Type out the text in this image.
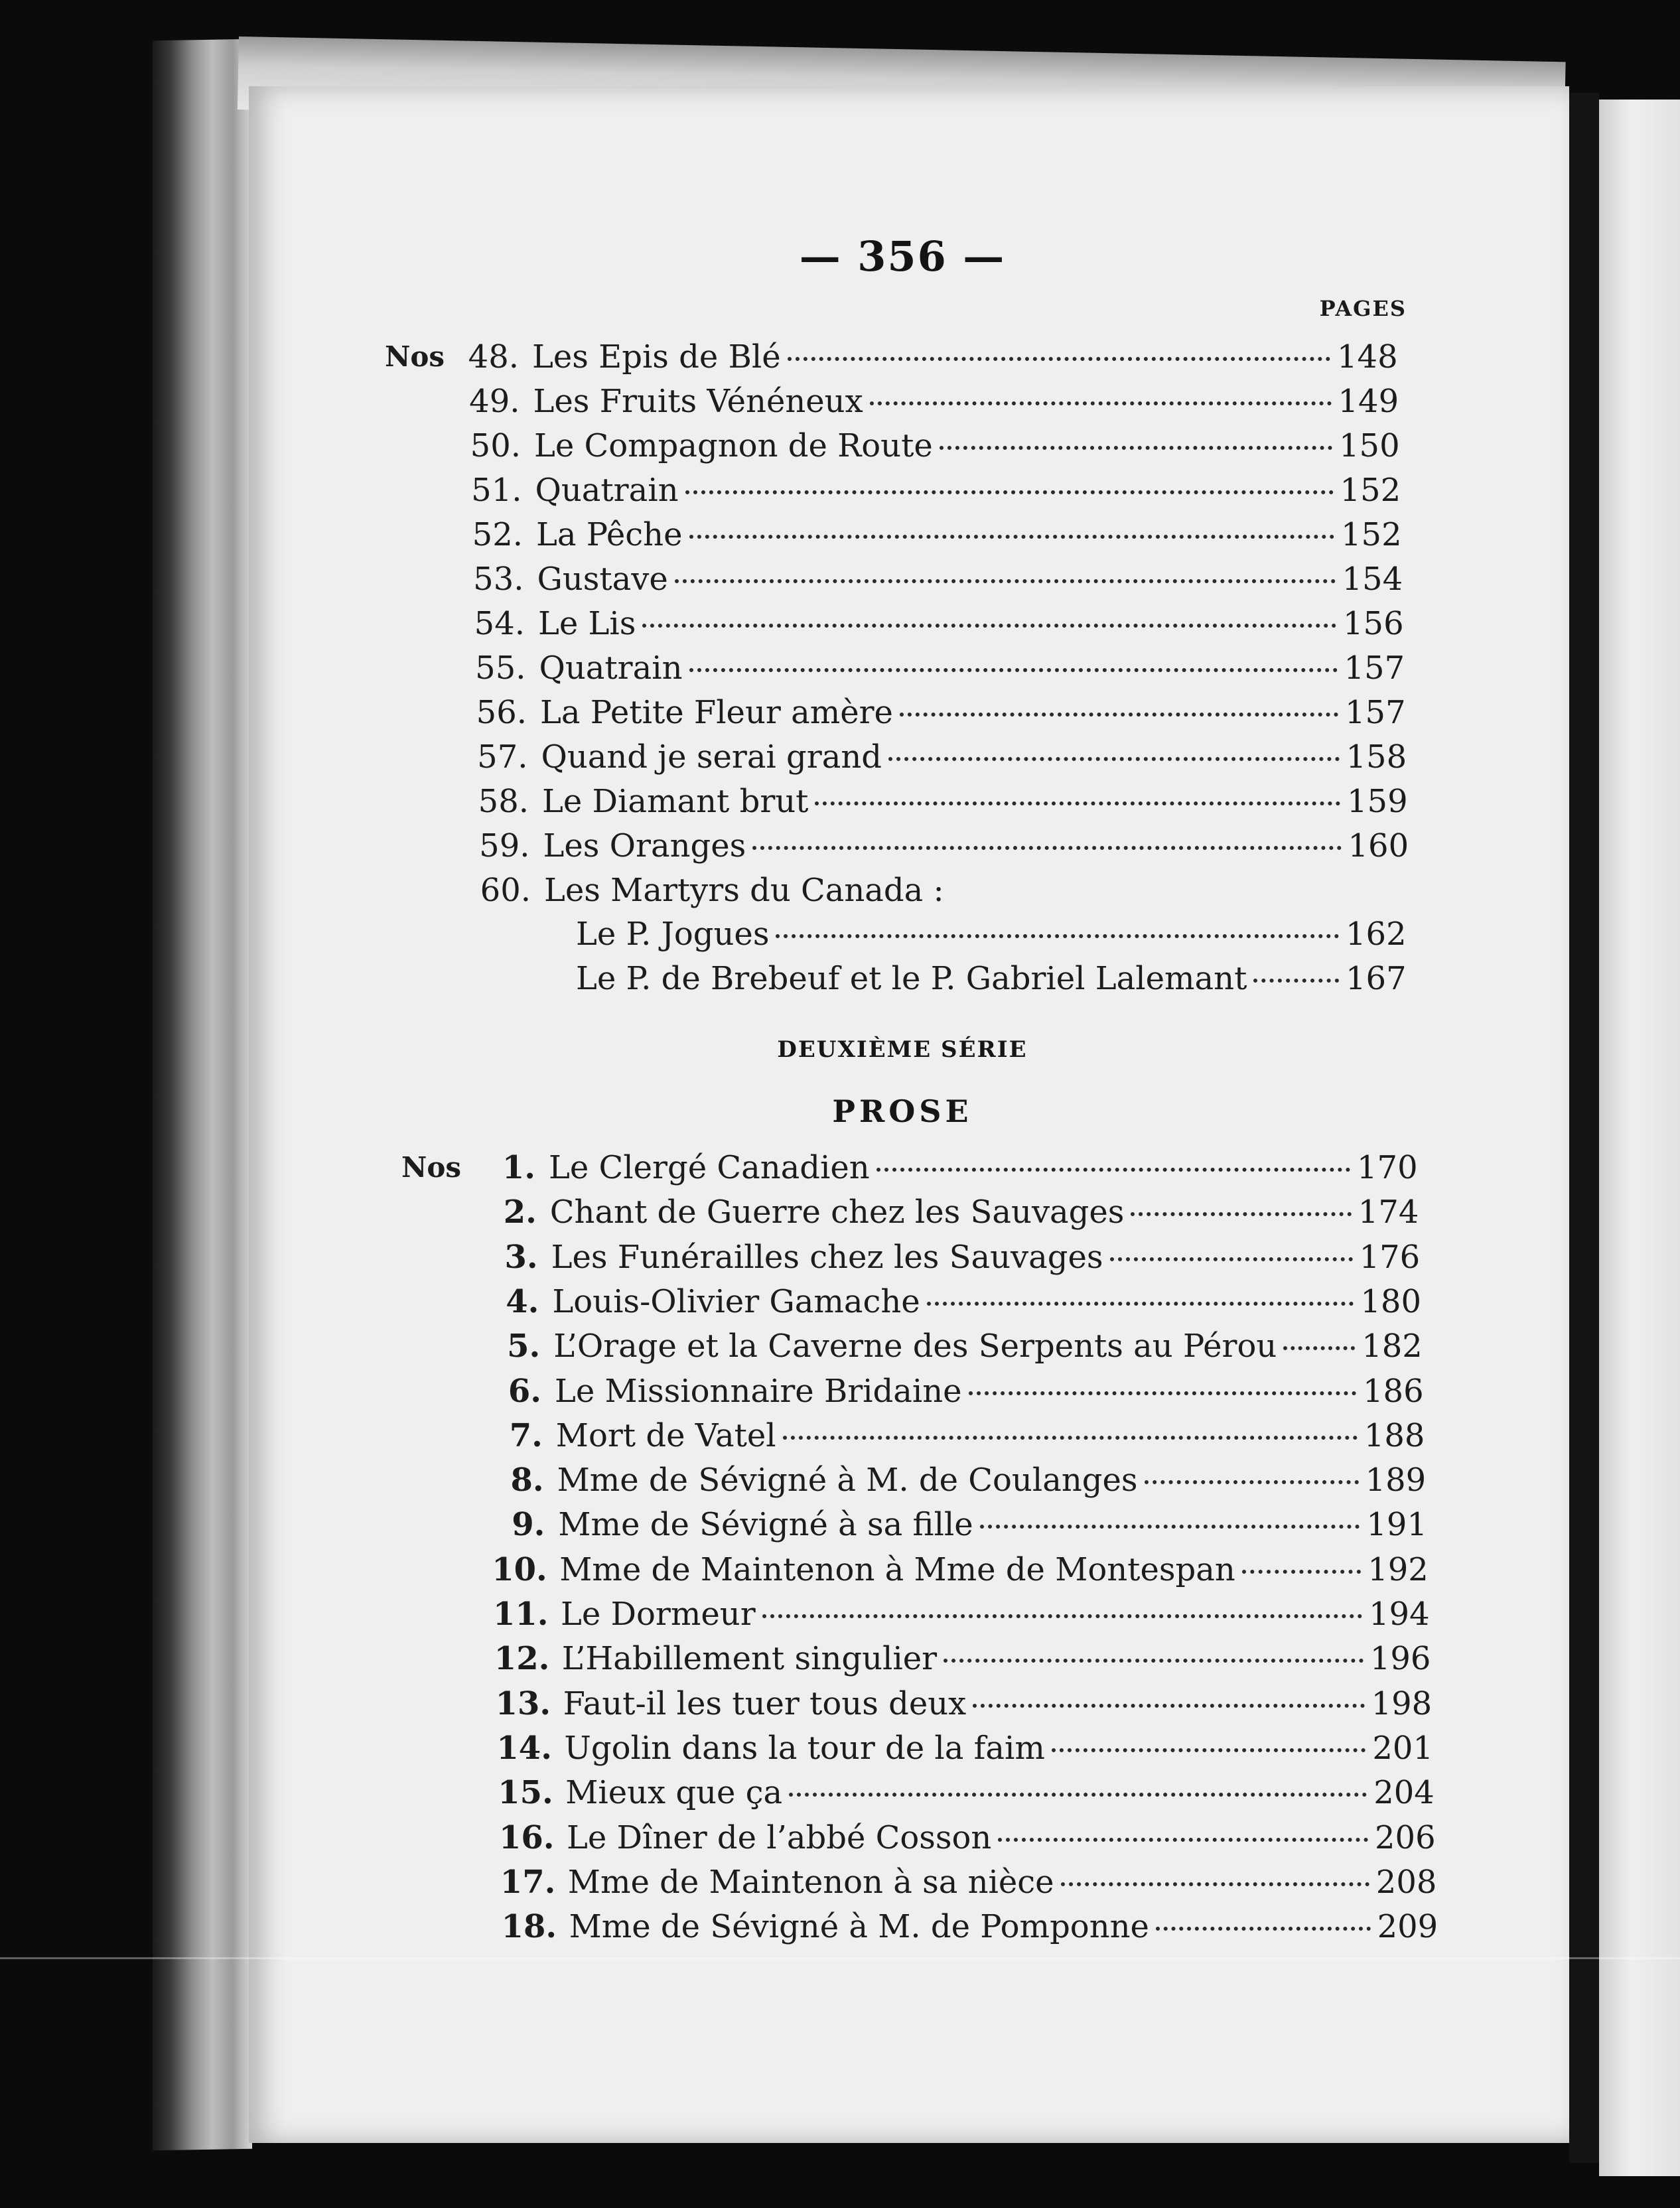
— 356 —
PAGES
DEUXIÈME SÉRIE
PROSE
Nos 48. Les Epis de Blé	148
49. Les Fruits Vénéneux	149
50. Le Compagnon de Route	150
51. Quatrain	152
52. La Pêche	152
53. Gustave	154
54. Le Lis	156
55. Quatrain	157
56. La Petite Fleur amère	157
57. Quand je serai grand	158
58. Le Diamant brut	159
59. Les Oranges	160
60. Les Martyrs du Canada :
Le P. Jogues	162
Le P. de Brebeuf et le P. Gabriel Lalemant	167
Nos	1. Le Clergé Canadien	170
2. Chant de Guerre chez les Sauvages	174
3. Les Funérailles chez les Sauvages	176
4. Louis-Olivier Gamache	180
5. L’Orage et la Caverne des Serpents au Pérou	182
6. Le Missionnaire Bridaine	186
7. Mort de Vatel	188
8. Mme de Sévigné à M. de Coulanges	189
9. Mme de Sévigné à sa fille	191
10. Mme de Maintenon à Mme de Montespan	192
11. Le Dormeur	194
12. L’Habillement singulier	196
13. Faut-il les tuer tous deux	198
14. Ugolin dans la tour de la faim	201
15. Mieux que ça	204
16. Le Dîner de l’abbé Cosson	206
17. Mme de Maintenon à sa nièce	208
18. Mme de Sévigné à M. de Pomponne	209
